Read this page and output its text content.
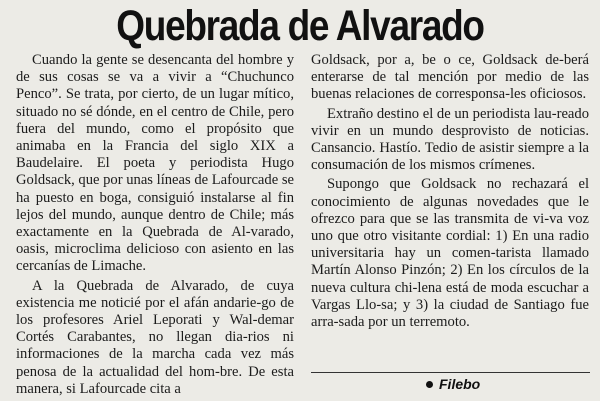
Quebrada de Alvarado

Cuando la gente se desencanta del hombre y de sus cosas se va a vivir a “Chuchunco Penco”. Se trata, por cierto, de un lugar mítico, situado no sé dónde, en el centro de Chile, pero fuera del mundo, como el propósito que animaba en la Francia del siglo XIX a Baudelaire. El poeta y periodista Hugo Goldsack, que por unas líneas de Lafourcade se ha puesto en boga, consiguió instalarse al fin lejos del mundo, aunque dentro de Chile; más exactamente en la Quebrada de Al-varado, oasis, microclima delicioso con asiento en las cercanías de Limache.

A la Quebrada de Alvarado, de cuya existencia me noticié por el afán andarie-go de los profesores Ariel Leporati y Wal-demar Cortés Carabantes, no llegan dia-rios ni informaciones de la marcha cada vez más penosa de la actualidad del hom-bre. De esta manera, si Lafourcade cita a

Goldsack, por a, be o ce, Goldsack de-berá enterarse de tal mención por medio de las buenas relaciones de corresponsa-les oficiosos.

Extraño destino el de un periodista lau-reado vivir en un mundo desprovisto de noticias. Cansancio. Hastío. Tedio de asistir siempre a la consumación de los mismos crímenes.

Supongo que Goldsack no rechazará el conocimiento de algunas novedades que le ofrezco para que se las transmita de vi-va voz uno que otro visitante cordial: 1) En una radio universitaria hay un comen-tarista llamado Martín Alonso Pinzón; 2) En los círculos de la nueva cultura chi-lena está de moda escuchar a Vargas Llo-sa; y 3) la ciudad de Santiago fue arra-sada por un terremoto.

Filebo
